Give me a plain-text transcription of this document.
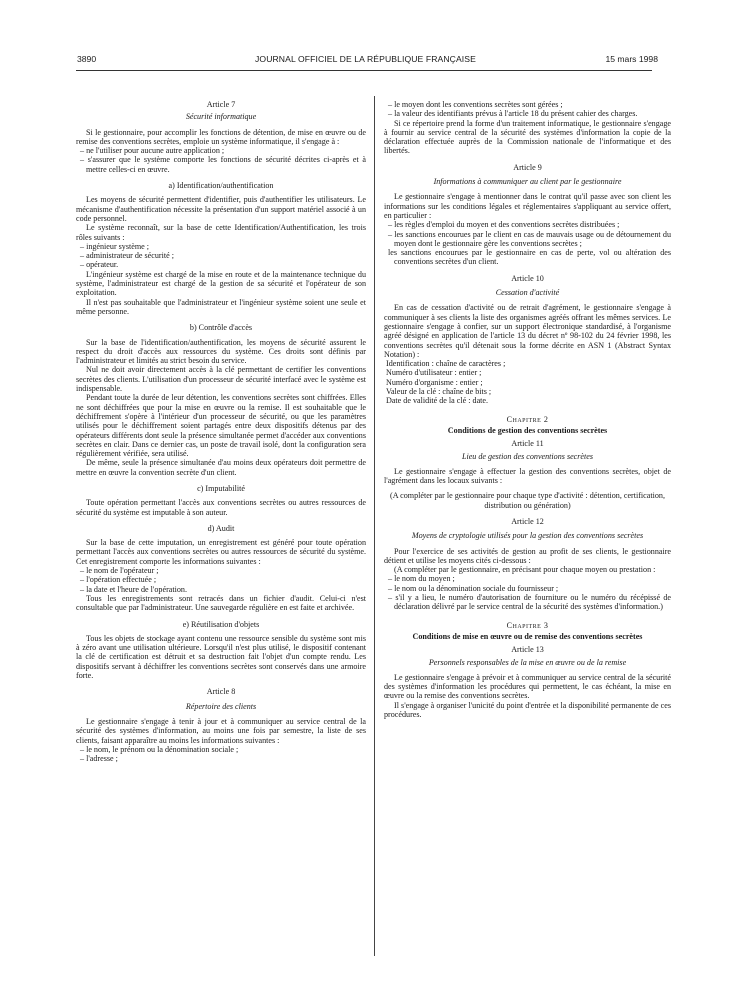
3890	JOURNAL OFFICIEL DE LA RÉPUBLIQUE FRANÇAISE	15 mars 1998
Article 7
Sécurité informatique

Si le gestionnaire, pour accomplir les fonctions de détention, de mise en œuvre ou de remise des conventions secrètes, emploie un système informatique, il s'engage à :

– ne l'utiliser pour aucune autre application ;
– s'assurer que le système comporte les fonctions de sécurité décrites ci-après et à mettre celles-ci en œuvre.
a) Identification/authentification

Les moyens de sécurité permettent d'identifier, puis d'authentifier les utilisateurs. Le mécanisme d'authentification nécessite la présentation d'un support matériel associé à un code personnel.

Le système reconnaît, sur la base de cette Identification/Authentification, les trois rôles suivants :

– ingénieur système ;
– administrateur de sécurité ;
– opérateur.

L'ingénieur système est chargé de la mise en route et de la maintenance technique du système, l'administrateur est chargé de la gestion de sa sécurité et l'opérateur de son exploitation.

Il n'est pas souhaitable que l'administrateur et l'ingénieur système soient une seule et même personne.

b) Contrôle d'accès

Sur la base de l'identification/authentification, les moyens de sécurité assurent le respect du droit d'accès aux ressources du système. Ces droits sont définis par l'administrateur et limités au strict besoin du service.

Nul ne doit avoir directement accès à la clé permettant de certifier les conventions secrètes des clients. L'utilisation d'un processeur de sécurité interfacé avec le système est indispensable.

Pendant toute la durée de leur détention, les conventions secrètes sont chiffrées. Elles ne sont déchiffrées que pour la mise en œuvre ou la remise. Il est souhaitable que le déchiffrement s'opère à l'intérieur d'un processeur de sécurité, ou que les paramètres utilisés pour le déchiffrement soient partagés entre deux dispositifs détenus par des opérateurs différents dont seule la présence simultanée permet d'accéder aux conventions secrètes en clair. Dans ce dernier cas, un poste de travail isolé, dont la configuration sera régulièrement vérifiée, sera utilisé.

De même, seule la présence simultanée d'au moins deux opérateurs doit permettre de mettre en œuvre la convention secrète d'un client.

c) Imputabilité

Toute opération permettant l'accès aux conventions secrètes ou autres ressources de sécurité du système est imputable à son auteur.

d) Audit

Sur la base de cette imputation, un enregistrement est généré pour toute opération permettant l'accès aux conventions secrètes ou autres ressources de sécurité du système. Cet enregistrement comporte les informations suivantes :

– le nom de l'opérateur ;
– l'opération effectuée ;
– la date et l'heure de l'opération.

Tous les enregistrements sont retracés dans un fichier d'audit. Celui-ci n'est consultable que par l'administrateur. Une sauvegarde régulière en est faite et archivée.

e) Réutilisation d'objets

Tous les objets de stockage ayant contenu une ressource sensible du système sont mis à zéro avant une utilisation ultérieure. Lorsqu'il n'est plus utilisé, le dispositif contenant la clé de certification est détruit et sa destruction fait l'objet d'un compte rendu. Les dispositifs servant à déchiffrer les conventions secrètes sont conservés dans une armoire forte.

Article 8
Répertoire des clients

Le gestionnaire s'engage à tenir à jour et à communiquer au service central de la sécurité des systèmes d'information, au moins une fois par semestre, la liste de ses clients, faisant apparaître au moins les informations suivantes :

– le nom, le prénom ou la dénomination sociale ;
– l'adresse ;
– le moyen dont les conventions secrètes sont gérées ;
– la valeur des identifiants prévus à l'article 18 du présent cahier des charges.

Si ce répertoire prend la forme d'un traitement informatique, le gestionnaire s'engage à fournir au service central de la sécurité des systèmes d'information la copie de la déclaration effectuée auprès de la Commission nationale de l'informatique et des libertés.

Article 9
Informations à communiquer au client par le gestionnaire

Le gestionnaire s'engage à mentionner dans le contrat qu'il passe avec son client les informations sur les conditions légales et réglementaires s'appliquant au service offert, en particulier :

– les règles d'emploi du moyen et des conventions secrètes distribuées ;
– les sanctions encourues par le client en cas de mauvais usage ou de détournement du moyen dont le gestionnaire gère les conventions secrètes ;
les sanctions encourues par le gestionnaire en cas de perte, vol ou altération des conventions secrètes d'un client.
Article 10
Cessation d'activité

En cas de cessation d'activité ou de retrait d'agrément, le gestionnaire s'engage à communiquer à ses clients la liste des organismes agréés offrant les mêmes services. Le gestionnaire s'engage à confier, sur un support électronique standardisé, à l'organisme agréé désigné en application de l'article 13 du décret nº 98-102 du 24 février 1998, les conventions secrètes qu'il détenait sous la forme décrite en ASN 1 (Abstract Syntax Notation) :

Identification : chaîne de caractères ;
Numéro d'utilisateur : entier ;
Numéro d'organisme : entier ;
Valeur de la clé : chaîne de bits ;
Date de validité de la clé : date.
Chapitre 2
Conditions de gestion des conventions secrètes
Article 11
Lieu de gestion des conventions secrètes

Le gestionnaire s'engage à effectuer la gestion des conventions secrètes, objet de l'agrément dans les locaux suivants :

(A compléter par le gestionnaire pour chaque type d'activité : détention, certification, distribution ou génération)
Article 12
Moyens de cryptologie utilisés pour la gestion des conventions secrètes

Pour l'exercice de ses activités de gestion au profit de ses clients, le gestionnaire détient et utilise les moyens cités ci-dessous :

(A compléter par le gestionnaire, en précisant pour chaque moyen ou prestation :

– le nom du moyen ;
– le nom ou la dénomination sociale du fournisseur ;
– s'il y a lieu, le numéro d'autorisation de fourniture ou le numéro du récépissé de déclaration délivré par le service central de la sécurité des systèmes d'information.)
Chapitre 3
Conditions de mise en œuvre ou de remise des conventions secrètes
Article 13
Personnels responsables de la mise en œuvre ou de la remise

Le gestionnaire s'engage à prévoir et à communiquer au service central de la sécurité des systèmes d'information les procédures qui permettent, le cas échéant, la mise en œuvre ou la remise des conventions secrètes.

Il s'engage à organiser l'unicité du point d'entrée et la disponibilité permanente de ces procédures.
